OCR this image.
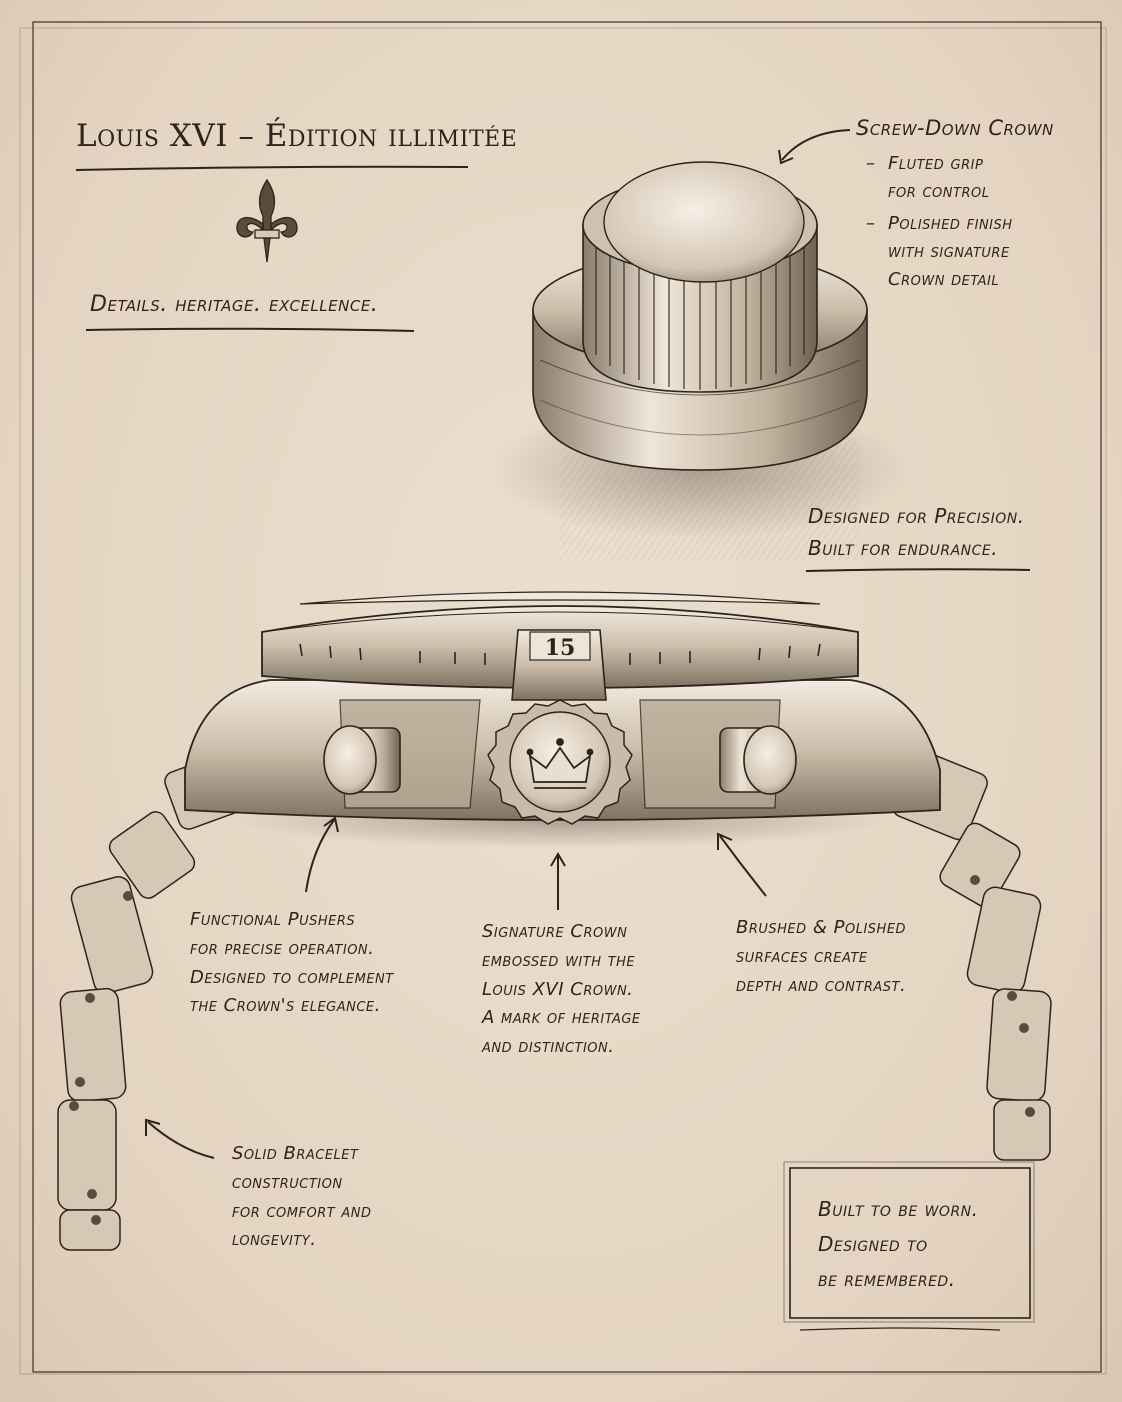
15
Louis XVI – Édition illimitée
Details. heritage. excellence.
Screw-Down Crown
– Fluted grip
for control
– Polished finish
with signature
Crown detail
Designed for Precision.
Built for endurance.
Functional Pushers
for precise operation.
Designed to complement
the Crown's elegance.
Signature Crown
embossed with the
Louis XVI Crown.
A mark of heritage
and distinction.
Brushed & Polished
surfaces create
depth and contrast.
Solid Bracelet
construction
for comfort and
longevity.
Built to be worn.
Designed to
be remembered.
